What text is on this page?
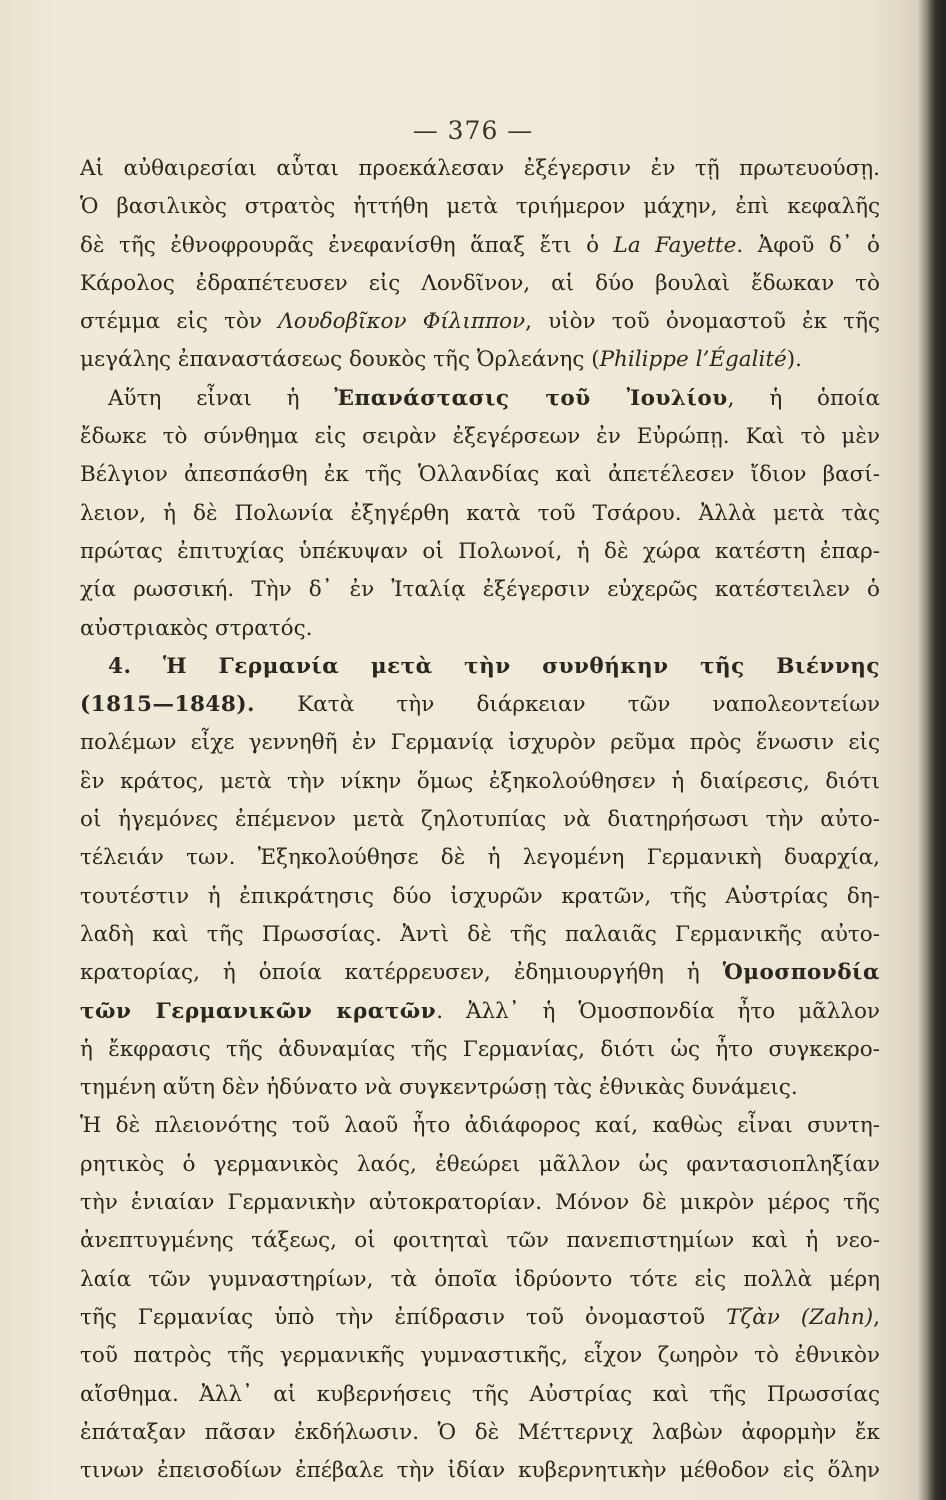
— 376 —
Αἱ αὐθαιρεσίαι αὗται προεκάλεσαν ἐξέγερσιν ἐν τῇ πρωτευούσῃ.
Ὁ βασιλικὸς στρατὸς ἡττήθη μετὰ τριήμερον μάχην, ἐπὶ κεφαλῆς
δὲ τῆς ἐθνοφρουρᾶς ἐνεφανίσθη ἅπαξ ἔτι ὁ La Fayette. Ἀφοῦ δ᾽ ὁ
Κάρολος ἐδραπέτευσεν εἰς Λονδῖνον, αἱ δύο βουλαὶ ἔδωκαν τὸ
στέμμα εἰς τὸν Λουδοβῖκον Φίλιππον, υἱὸν τοῦ ὀνομαστοῦ ἐκ τῆς
μεγάλης ἐπαναστάσεως δουκὸς τῆς Ὀρλεάνης (Philippe l’Égalité).
Αὕτη εἶναι ἡ Ἐπανάστασις τοῦ Ἰουλίου, ἡ ὁποία
ἔδωκε τὸ σύνθημα εἰς σειρὰν ἐξεγέρσεων ἐν Εὐρώπῃ. Καὶ τὸ μὲν
Βέλγιον ἀπεσπάσθη ἐκ τῆς Ὁλλανδίας καὶ ἀπετέλεσεν ἴδιον βασί-
λειον, ἡ δὲ Πολωνία ἐξηγέρθη κατὰ τοῦ Τσάρου. Ἀλλὰ μετὰ τὰς
πρώτας ἐπιτυχίας ὑπέκυψαν οἱ Πολωνοί, ἡ δὲ χώρα κατέστη ἐπαρ-
χία ρωσσική. Τὴν δ᾽ ἐν Ἰταλίᾳ ἐξέγερσιν εὐχερῶς κατέστειλεν ὁ
αὐστριακὸς στρατός.
4. Ἡ Γερμανία μετὰ τὴν συνθήκην τῆς Βιέννης
(1815—1848). Κατὰ τὴν διάρκειαν τῶν ναπολεοντείων
πολέμων εἶχε γεννηθῆ ἐν Γερμανίᾳ ἰσχυρὸν ρεῦμα πρὸς ἕνωσιν εἰς
ἓν κράτος, μετὰ τὴν νίκην ὅμως ἐξηκολούθησεν ἡ διαίρεσις, διότι
οἱ ἡγεμόνες ἐπέμενον μετὰ ζηλοτυπίας νὰ διατηρήσωσι τὴν αὐτο-
τέλειάν των. Ἐξηκολούθησε δὲ ἡ λεγομένη Γερμανικὴ δυαρχία,
τουτέστιν ἡ ἐπικράτησις δύο ἰσχυρῶν κρατῶν, τῆς Αὐστρίας δη-
λαδὴ καὶ τῆς Πρωσσίας. Ἀντὶ δὲ τῆς παλαιᾶς Γερμανικῆς αὐτο-
κρατορίας, ἡ ὁποία κατέρρευσεν, ἐδημιουργήθη ἡ Ὁμοσπονδία
τῶν Γερμανικῶν κρατῶν. Ἀλλ᾽ ἡ Ὁμοσπονδία ἦτο μᾶλλον
ἡ ἔκφρασις τῆς ἀδυναμίας τῆς Γερμανίας, διότι ὡς ἦτο συγκεκρο-
τημένη αὕτη δὲν ἠδύνατο νὰ συγκεντρώσῃ τὰς ἐθνικὰς δυνάμεις.
Ἡ δὲ πλειονότης τοῦ λαοῦ ἦτο ἀδιάφορος καί, καθὼς εἶναι συντη-
ρητικὸς ὁ γερμανικὸς λαός, ἐθεώρει μᾶλλον ὡς φαντασιοπληξίαν
τὴν ἑνιαίαν Γερμανικὴν αὐτοκρατορίαν. Μόνον δὲ μικρὸν μέρος τῆς
ἀνεπτυγμένης τάξεως, οἱ φοιτηταὶ τῶν πανεπιστημίων καὶ ἡ νεο-
λαία τῶν γυμναστηρίων, τὰ ὁποῖα ἱδρύοντο τότε εἰς πολλὰ μέρη
τῆς Γερμανίας ὑπὸ τὴν ἐπίδρασιν τοῦ ὀνομαστοῦ Τζὰν (Zahn),
τοῦ πατρὸς τῆς γερμανικῆς γυμναστικῆς, εἶχον ζωηρὸν τὸ ἐθνικὸν
αἴσθημα. Ἀλλ᾽ αἱ κυβερνήσεις τῆς Αὐστρίας καὶ τῆς Πρωσσίας
ἐπάταξαν πᾶσαν ἐκδήλωσιν. Ὁ δὲ Μέττερνιχ λαβὼν ἀφορμὴν ἔκ
τινων ἐπεισοδίων ἐπέβαλε τὴν ἰδίαν κυβερνητικὴν μέθοδον εἰς ὅλην
